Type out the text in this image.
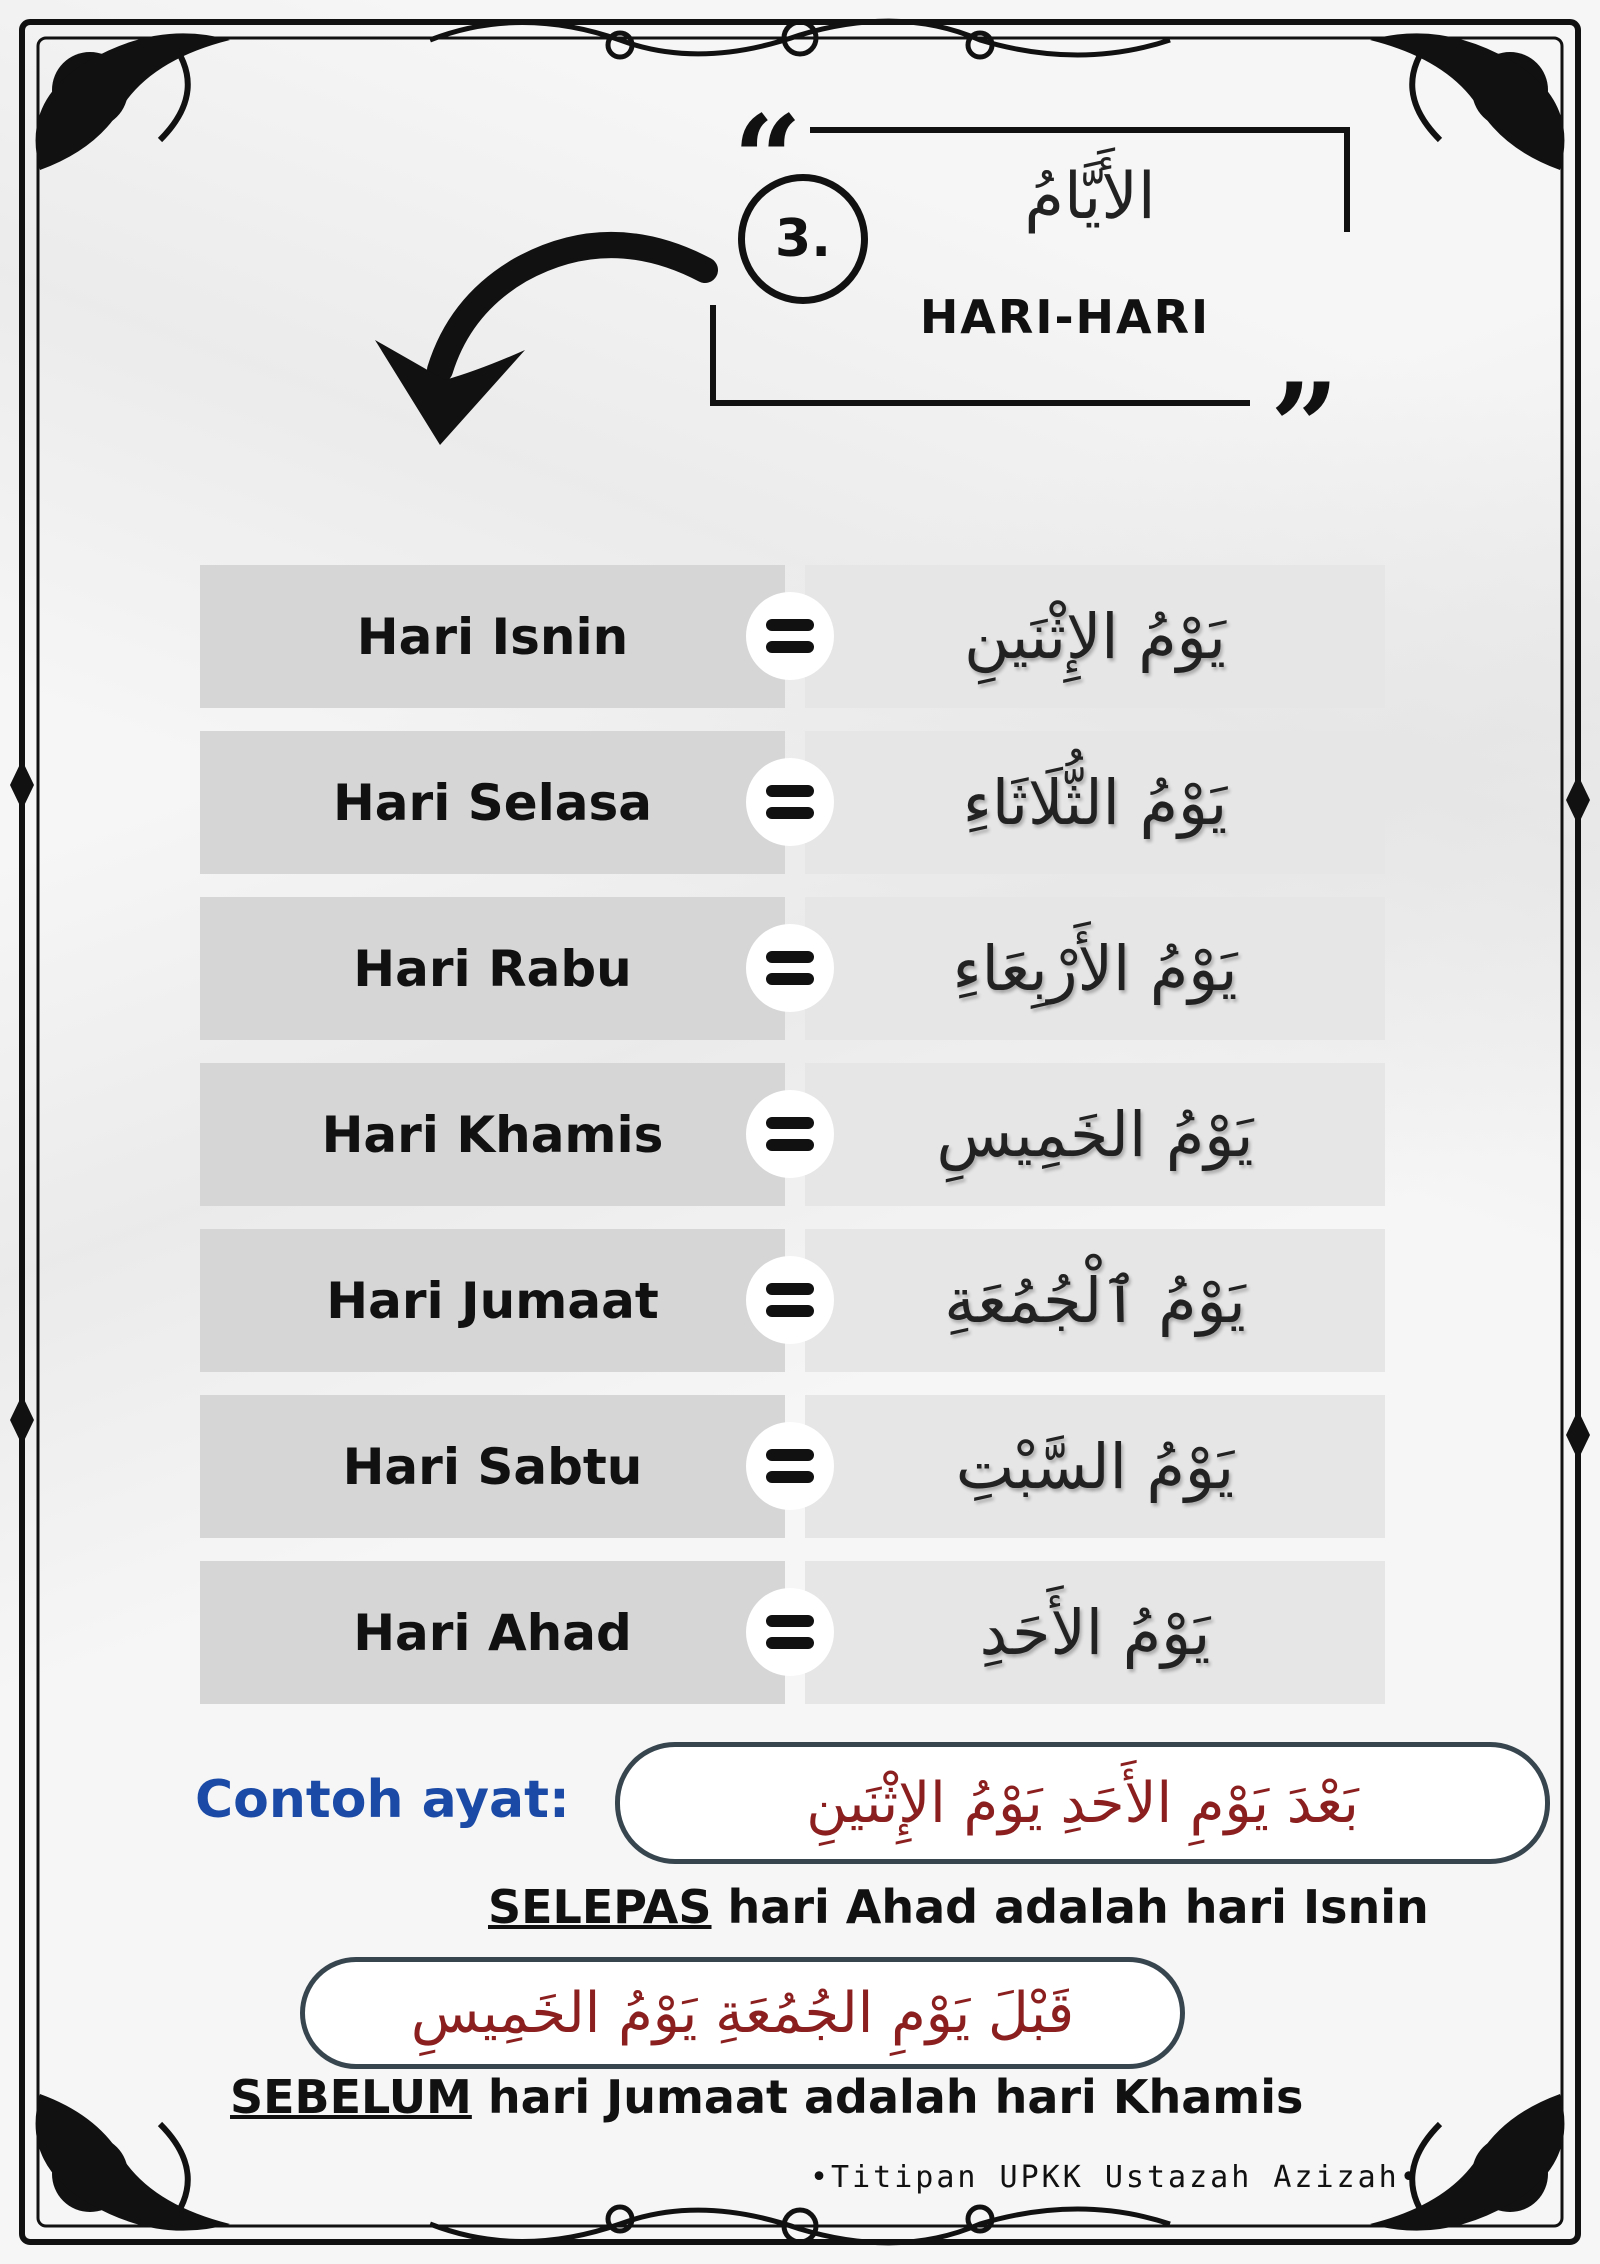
“
”
3.
الأَيَّامُ
HARI-HARI
Hari Isnin	يَوْمُ الإِثْنَينِ
Hari Selasa	يَوْمُ الثُّلَاثَاءِ
Hari Rabu	يَوْمُ الأَرْبِعَاءِ
Hari Khamis	يَوْمُ الخَمِيسِ
Hari Jumaat	يَوْمُ ٱلْجُمُعَةِ
Hari Sabtu	يَوْمُ السَّبْتِ
Hari Ahad	يَوْمُ الأَحَدِ
Contoh ayat:	بَعْدَ يَوْمِ الأَحَدِ يَوْمُ الإِثْنَينِ
SELEPAS hari Ahad adalah hari Isnin
قَبْلَ يَوْمِ الجُمُعَةِ يَوْمُ الخَمِيسِ
SEBELUM hari Jumaat adalah hari Khamis
•Titipan UPKK Ustazah Azizah•
